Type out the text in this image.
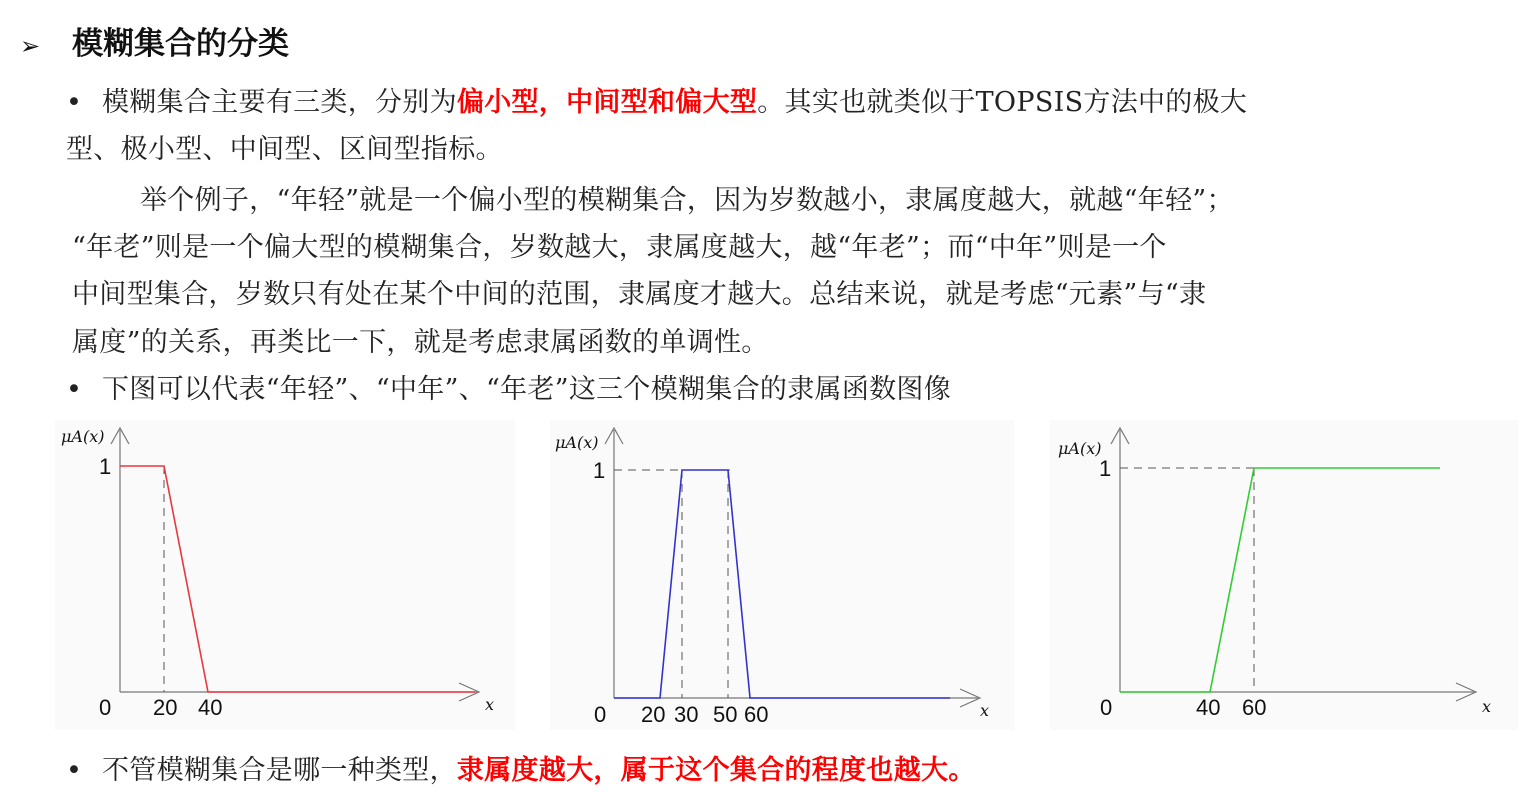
➢ 模糊集合的分类
• 模糊集合主要有三类，分别为偏小型，中间型和偏大型。其实也就类似于TOPSIS方法中的极大
型、极小型、中间型、区间型指标。
举个例子，“年轻”就是一个偏小型的模糊集合，因为岁数越小，隶属度越大，就越“年轻”；
“年老”则是一个偏大型的模糊集合，岁数越大，隶属度越大，越“年老”；而“中年”则是一个
中间型集合，岁数只有处在某个中间的范围，隶属度才越大。总结来说，就是考虑“元素”与“隶
属度”的关系，再类比一下，就是考虑隶属函数的单调性。
• 下图可以代表“年轻”、“中年”、“年老”这三个模糊集合的隶属函数图像
μA(x)
x
1
0 20 40
μA(x)
x
1
0 20 30 50 60
μA(x)
x
1
0	40 60
• 不管模糊集合是哪一种类型，隶属度越大，属于这个集合的程度也越大。
